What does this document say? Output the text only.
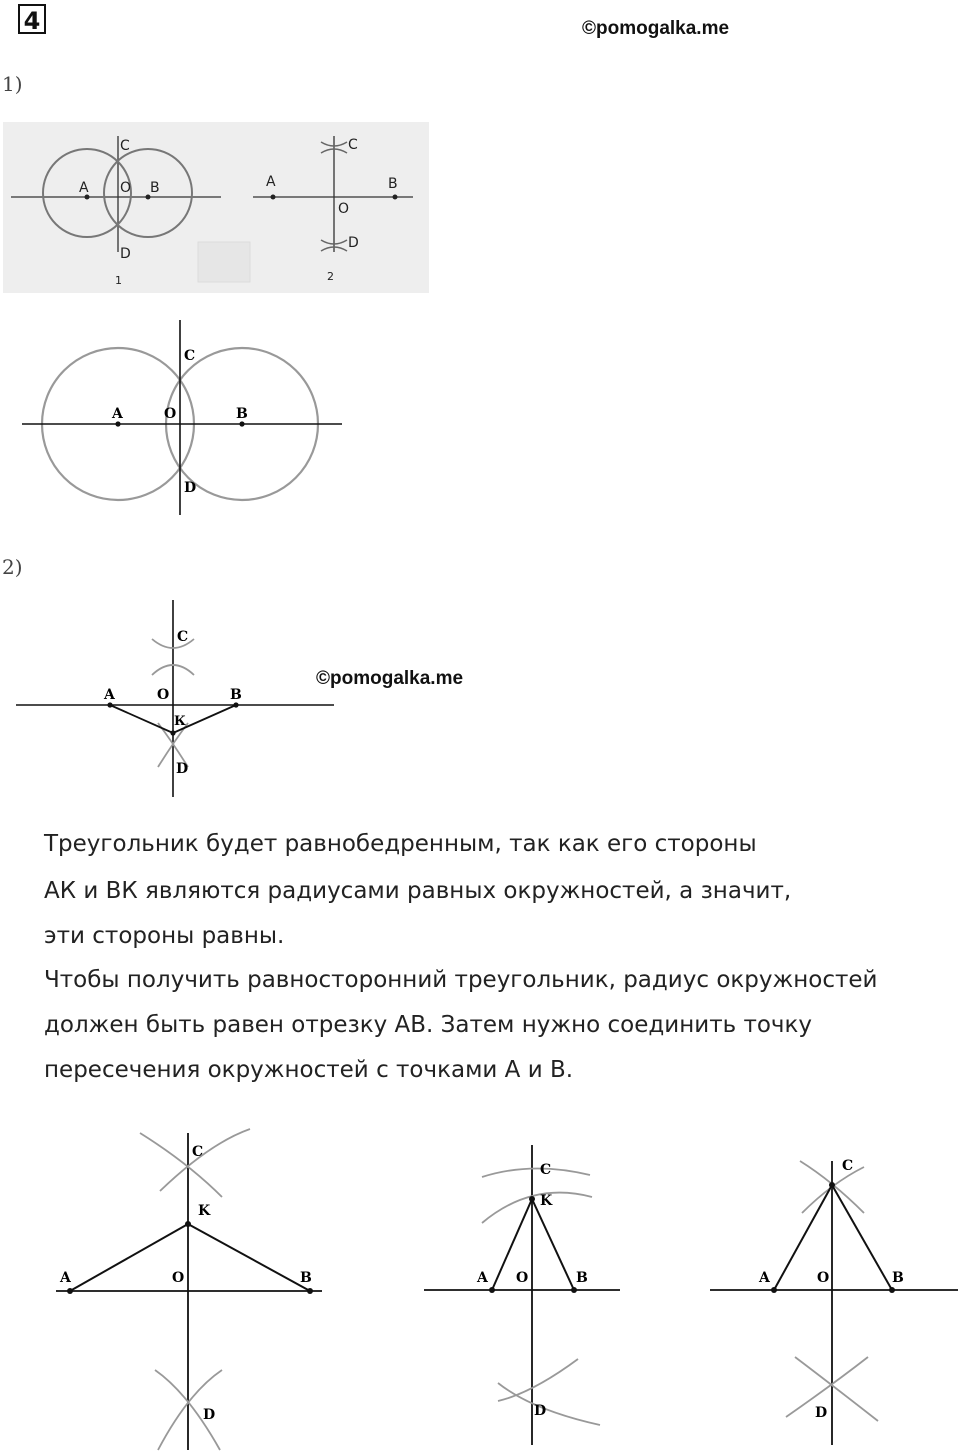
4	©pomogalka.me
1)
C
A O B
D
1
C
A
O
B
D
2
C
A	O	B
D
2)
C
A	O	B
К
D
©pomogalka.me
Треугольник будет равнобедренным, так как его стороны
АК и ВК являются радиусами равных окружностей, а значит,
эти стороны равны.
Чтобы получить равносторонний треугольник, радиус окружностей
должен быть равен отрезку АВ. Затем нужно соединить точку
пересечения окружностей с точками А и В.
C
K
A	O	B
D
C
K
A O	B
D
C
A	O	B
D
